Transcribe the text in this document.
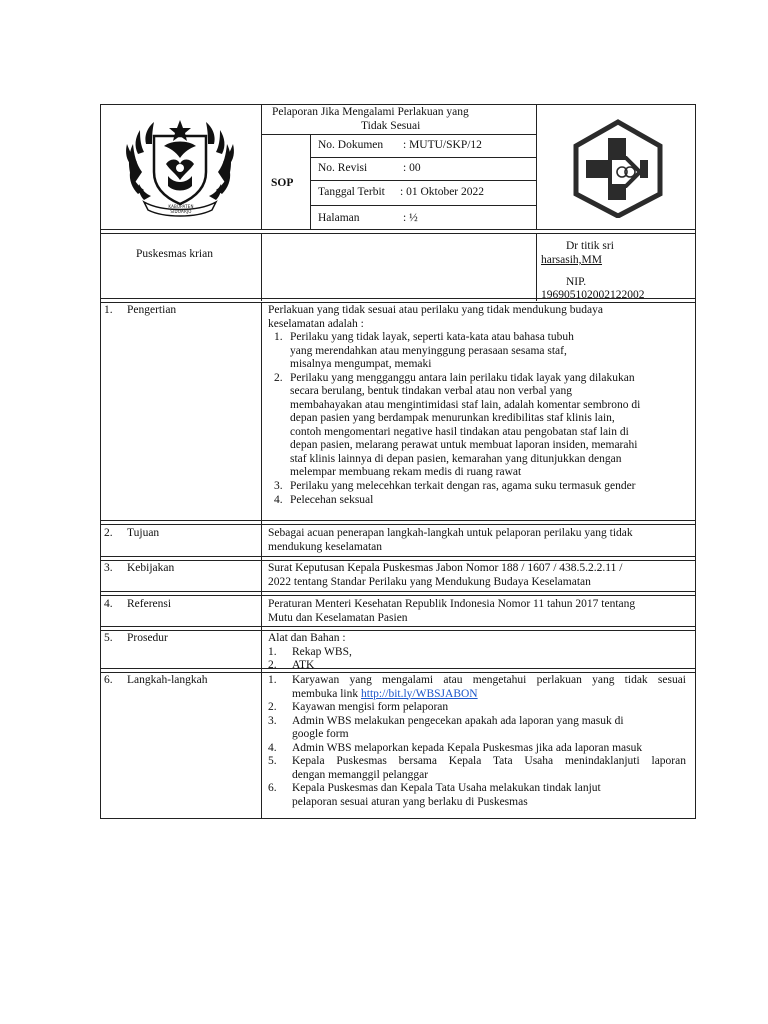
KABUPATEN SIDOARJO
Pelaporan Jika Mengalami Perlakuan yang
Tidak Sesuai
SOP
No. Dokumen : MUTU/SKP/12
No. Revisi	: 00
Tanggal Terbit : 01 Oktober 2022
Halaman	: ½
Puskesmas krian
Dr titik sri
harsasih,MM
NIP.
196905102002122002
1. Pengertian	Perlakuan yang tidak sesuai atau perilaku yang tidak mendukung budaya
keselamatan adalah :
1. Perilaku yang tidak layak, seperti kata-kata atau bahasa tubuh
yang merendahkan atau menyinggung perasaan sesama staf,
misalnya mengumpat, memaki
2. Perilaku yang mengganggu antara lain perilaku tidak layak yang dilakukan
secara berulang, bentuk tindakan verbal atau non verbal yang
membahayakan atau mengintimidasi staf lain, adalah komentar sembrono di
depan pasien yang berdampak menurunkan kredibilitas staf klinis lain,
contoh mengomentari negative hasil tindakan atau pengobatan staf lain di
depan pasien, melarang perawat untuk membuat laporan insiden, memarahi
staf klinis lainnya di depan pasien, kemarahan yang ditunjukkan dengan
melempar membuang rekam medis di ruang rawat
3. Perilaku yang melecehkan terkait dengan ras, agama suku termasuk gender
4. Pelecehan seksual
2. Tujuan	Sebagai acuan penerapan langkah-langkah untuk pelaporan perilaku yang tidak
mendukung keselamatan
3. Kebijakan	Surat Keputusan Kepala Puskesmas Jabon Nomor 188 / 1607 / 438.5.2.2.11 /
2022 tentang Standar Perilaku yang Mendukung Budaya Keselamatan
4. Referensi	Peraturan Menteri Kesehatan Republik Indonesia Nomor 11 tahun 2017 tentang
Mutu dan Keselamatan Pasien
5. Prosedur	Alat dan Bahan :
1. Rekap WBS,
2. ATK
6. Langkah-langkah	1. Karyawan yang mengalami atau mengetahui perlakuan yang tidak sesuai
membuka link http://bit.ly/WBSJABON
2. Kayawan mengisi form pelaporan
3. Admin WBS melakukan pengecekan apakah ada laporan yang masuk di
google form
4. Admin WBS melaporkan kepada Kepala Puskesmas jika ada laporan masuk
5. Kepala Puskesmas bersama Kepala Tata Usaha menindaklanjuti laporan
dengan memanggil pelanggar
6. Kepala Puskesmas dan Kepala Tata Usaha melakukan tindak lanjut
pelaporan sesuai aturan yang berlaku di Puskesmas
